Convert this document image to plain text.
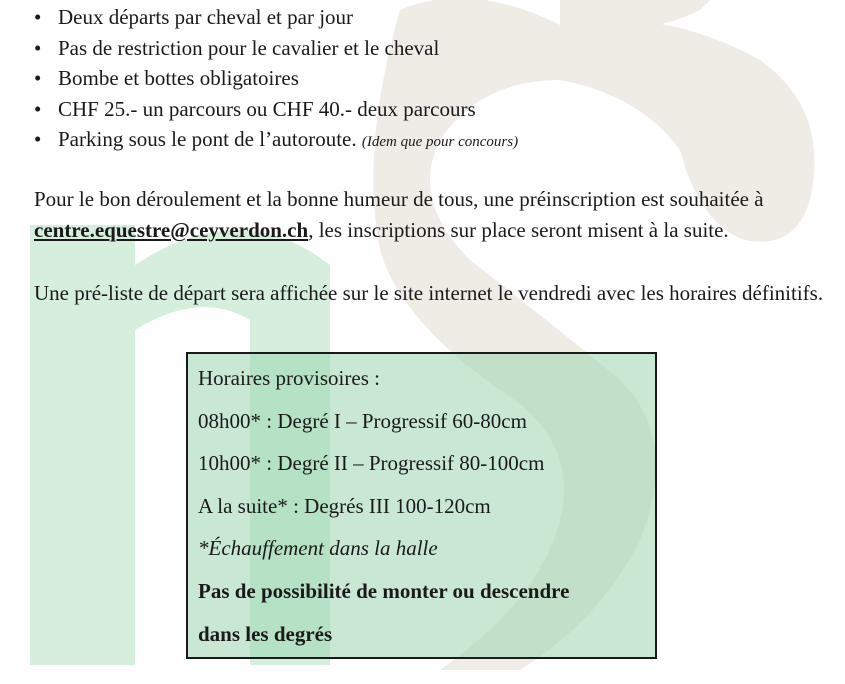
• Deux départs par cheval et par jour
• Pas de restriction pour le cavalier et le cheval
• Bombe et bottes obligatoires
• CHF 25.- un parcours ou CHF 40.- deux parcours
• Parking sous le pont de l’autoroute. (Idem que pour concours)

Pour le bon déroulement et la bonne humeur de tous, une préinscription est souhaitée à centre.equestre@ceyverdon.ch, les inscriptions sur place seront misent à la suite.

Une pré-liste de départ sera affichée sur le site internet le vendredi avec les horaires définitifs.

Horaires provisoires :
08h00* : Degré I – Progressif 60-80cm
10h00* : Degré II – Progressif 80-100cm
A la suite* : Degrés III 100-120cm
*Échauffement dans la halle
Pas de possibilité de monter ou descendre
dans les degrés
